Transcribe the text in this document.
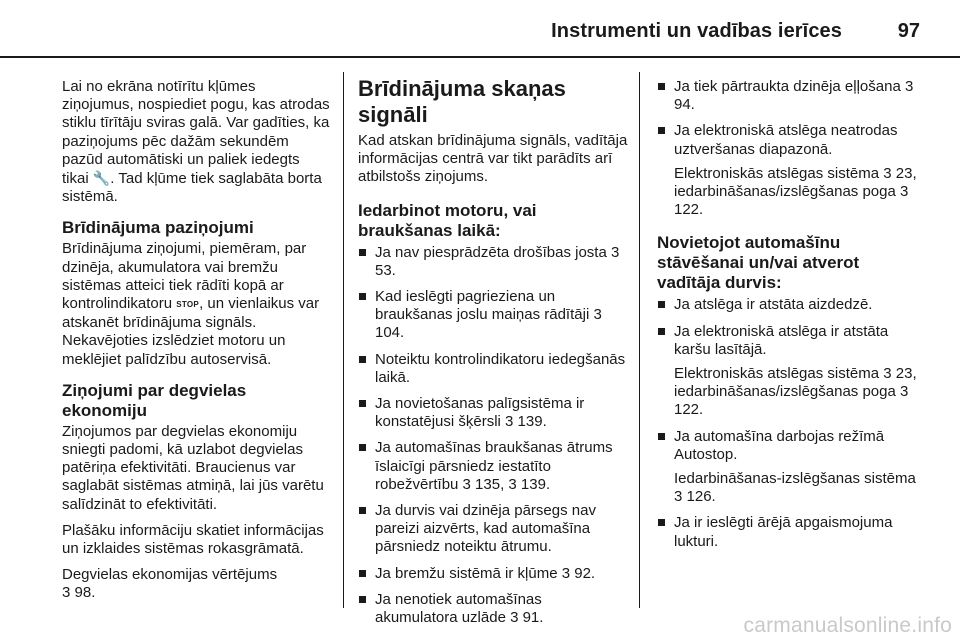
Instrumenti un vadības ierīces	97

Lai no ekrāna notīrītu kļūmes ziņojumus, nospiediet pogu, kas atrodas stiklu tīrītāju sviras galā. Var gadīties, ka paziņojums pēc dažām sekundēm pazūd automātiski un paliek iedegts tikai 🔧. Tad kļūme tiek saglabāta borta sistēmā.

Brīdinājuma paziņojumi

Brīdinājuma ziņojumi, piemēram, par dzinēja, akumulatora vai bremžu sistēmas atteici tiek rādīti kopā ar kontrolindikatoru STOP, un vienlaikus var atskanēt brīdinājuma signāls. Nekavējoties izslēdziet motoru un meklējiet palīdzību autoservisā.

Ziņojumi par degvielas ekonomiju

Ziņojumos par degvielas ekonomiju sniegti padomi, kā uzlabot degvielas patēriņa efektivitāti. Braucienus var saglabāt sistēmas atmiņā, lai jūs varētu salīdzināt to efektivitāti.

Plašāku informāciju skatiet informācijas un izklaides sistēmas rokasgrāmatā.

Degvielas ekonomijas vērtējums
3 98.

Brīdinājuma skaņas signāli

Kad atskan brīdinājuma signāls, vadītāja informācijas centrā var tikt parādīts arī atbilstošs ziņojums.

Iedarbinot motoru, vai braukšanas laikā:
Ja nav piesprādzēta drošības josta 3 53.
Kad ieslēgti pagrieziena un braukšanas joslu maiņas rādītāji 3 104.
Noteiktu kontrolindikatoru iedegšanās laikā.
Ja novietošanas palīgsistēma ir konstatējusi šķērsli 3 139.
Ja automašīnas braukšanas ātrums īslaicīgi pārsniedz iestatīto robežvērtību 3 135, 3 139.
Ja durvis vai dzinēja pārsegs nav pareizi aizvērts, kad automašīna pārsniedz noteiktu ātrumu.
Ja bremžu sistēmā ir kļūme 3 92.
Ja nenotiek automašīnas akumulatora uzlāde 3 91.
Ja tiek pārtraukta dzinēja eļļošana 3 94.
Ja elektroniskā atslēga neatrodas uztveršanas diapazonā.

Elektroniskās atslēgas sistēma 3 23, iedarbināšanas/izslēgšanas poga 3 122.

Novietojot automašīnu stāvēšanai un/vai atverot vadītāja durvis:
Ja atslēga ir atstāta aizdedzē.
Ja elektroniskā atslēga ir atstāta karšu lasītājā.

Elektroniskās atslēgas sistēma 3 23, iedarbināšanas/izslēgšanas poga 3 122.

Ja automašīna darbojas režīmā Autostop.

Iedarbināšanas-izslēgšanas sistēma 3 126.

Ja ir ieslēgti ārējā apgaismojuma lukturi.
carmanualsonline.info
